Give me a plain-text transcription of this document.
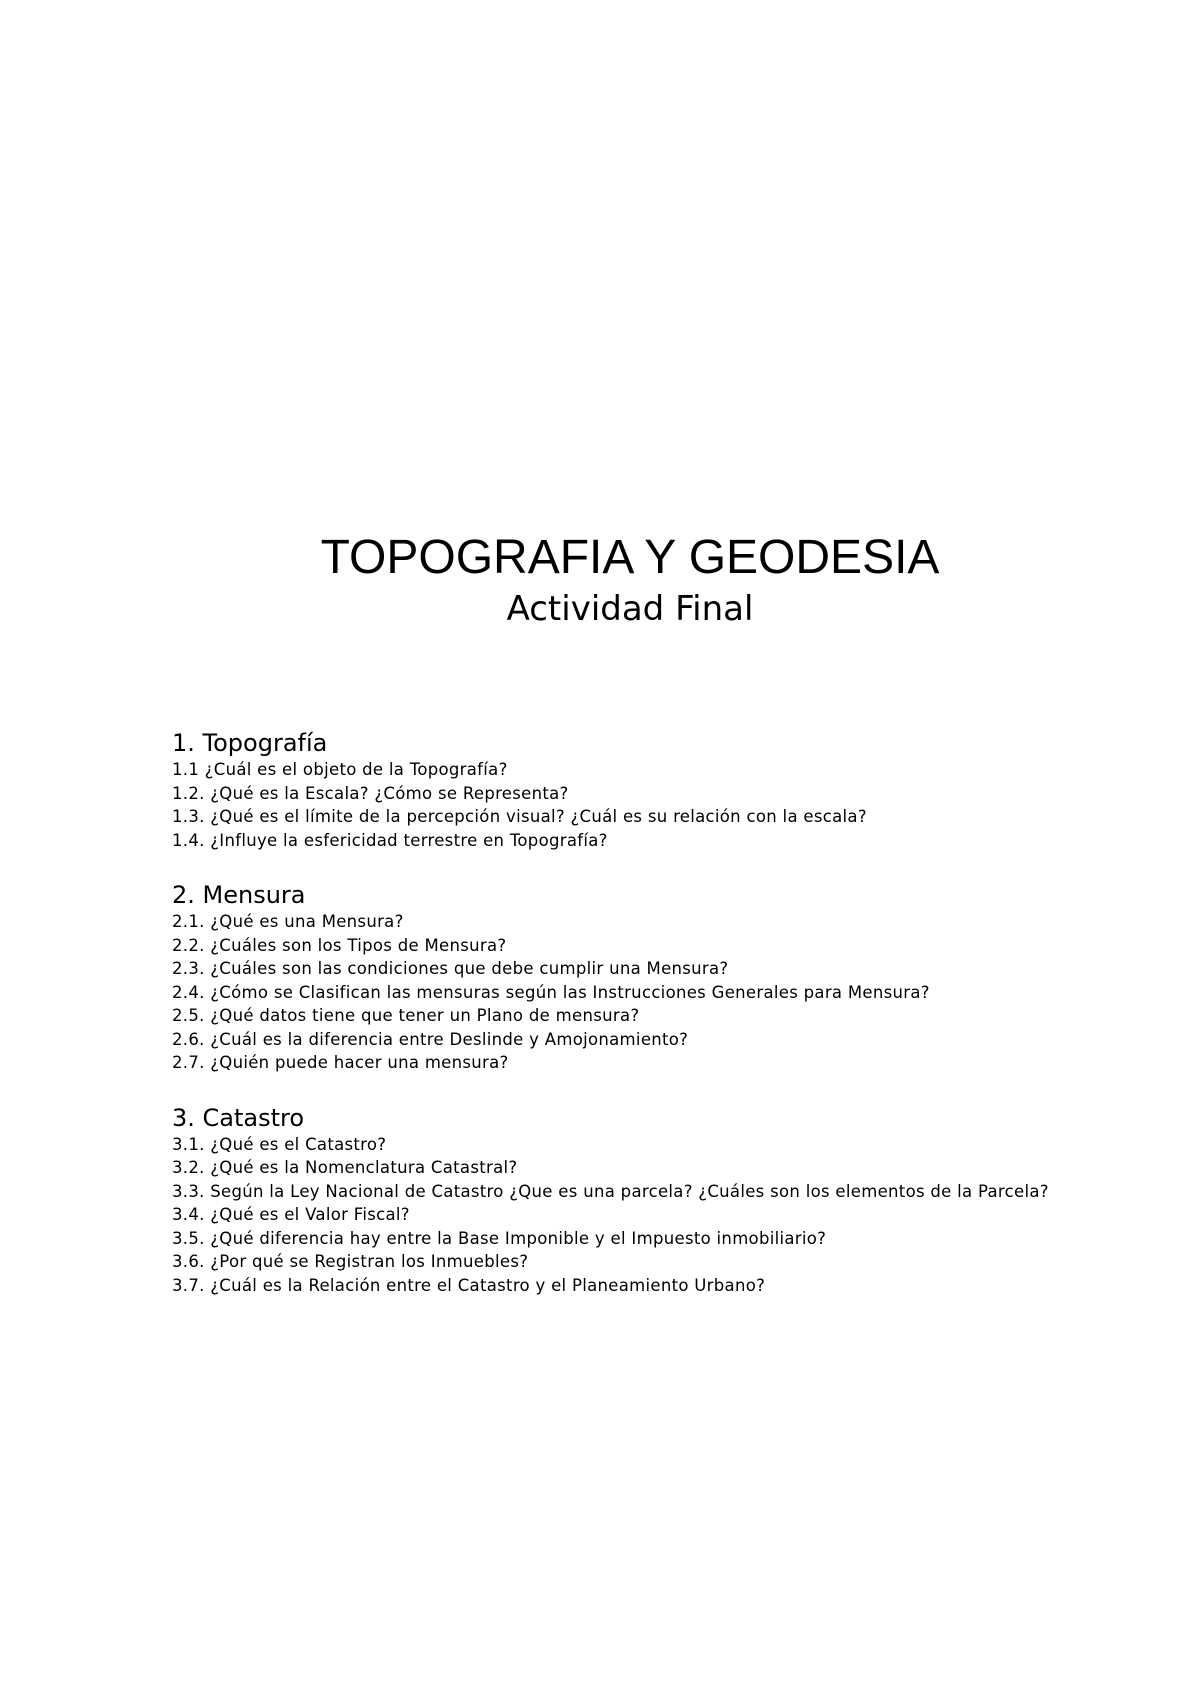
TOPOGRAFIA Y GEODESIA
Actividad Final
1. Topografía
1.1 ¿Cuál es el objeto de la Topografía?
1.2. ¿Qué es la Escala? ¿Cómo se Representa?
1.3. ¿Qué es el límite de la percepción visual? ¿Cuál es su relación con la escala?
1.4. ¿Influye la esfericidad terrestre en Topografía?
2. Mensura
2.1. ¿Qué es una Mensura?
2.2. ¿Cuáles son los Tipos de Mensura?
2.3. ¿Cuáles son las condiciones que debe cumplir una Mensura?
2.4. ¿Cómo se Clasifican las mensuras según las Instrucciones Generales para Mensura?
2.5. ¿Qué datos tiene que tener un Plano de mensura?
2.6. ¿Cuál es la diferencia entre Deslinde y Amojonamiento?
2.7. ¿Quién puede hacer una mensura?
3. Catastro
3.1. ¿Qué es el Catastro?
3.2. ¿Qué es la Nomenclatura Catastral?
3.3. Según la Ley Nacional de Catastro ¿Que es una parcela? ¿Cuáles son los elementos de la Parcela?
3.4. ¿Qué es el Valor Fiscal?
3.5. ¿Qué diferencia hay entre la Base Imponible y el Impuesto inmobiliario?
3.6. ¿Por qué se Registran los Inmuebles?
3.7. ¿Cuál es la Relación entre el Catastro y el Planeamiento Urbano?
